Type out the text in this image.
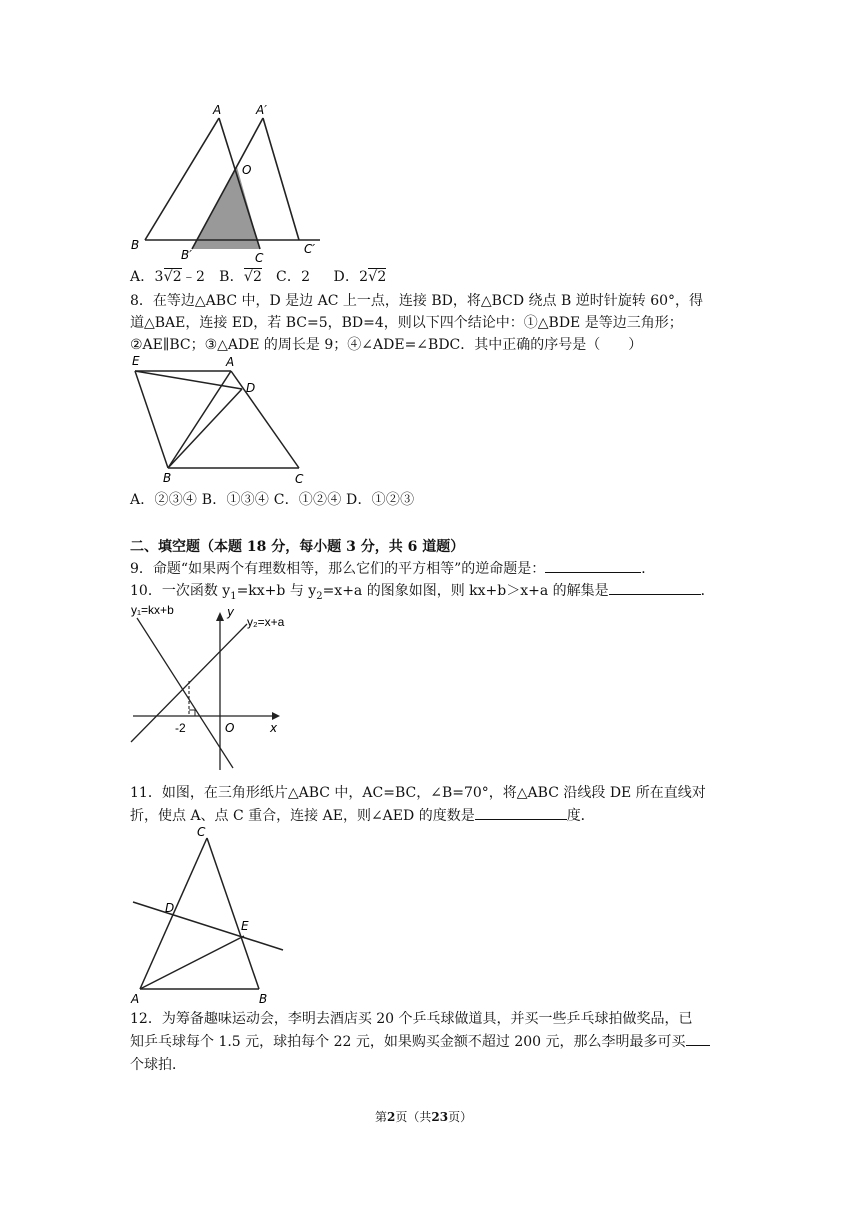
A	A′
O
B
B′	C
C′
A．3√2﹣2 B．√2 C．2 D．2√2
8．在等边△ABC 中，D 是边 AC 上一点，连接 BD，将△BCD 绕点 B 逆时针旋转 60°，得
道△BAE，连接 ED，若 BC=5，BD=4，则以下四个结论中：①△BDE 是等边三角形；
②AE∥BC；③△ADE 的周长是 9；④∠ADE=∠BDC．其中正确的序号是（　　）
E	A
D
B	C
A．②③④ B．①③④ C．①②④ D．①②③
二、填空题（本题 18 分，每小题 3 分，共 6 道题）
9．命题“如果两个有理数相等，那么它们的平方相等”的逆命题是：	．
10．一次函数 $y_1=kx+b$ 与 $y_2=x+a$ 的图象如图，则 kx+b＞x+a 的解集是	．
y₁=kx+b
y₂=x+a
y
x
-2	O
11．如图，在三角形纸片△ABC 中，AC=BC，∠B=70°，将△ABC 沿线段 DE 所在直线对
折，使点 A、点 C 重合，连接 AE，则∠AED 的度数是	度．
C
D
E
A	B
12．为筹备趣味运动会，李明去酒店买 20 个乒乓球做道具，并买一些乒乓球拍做奖品，已
知乒乓球每个 1.5 元，球拍每个 22 元，如果购买金额不超过 200 元，那么李明最多可买
个球拍．
第2页（共23页）
